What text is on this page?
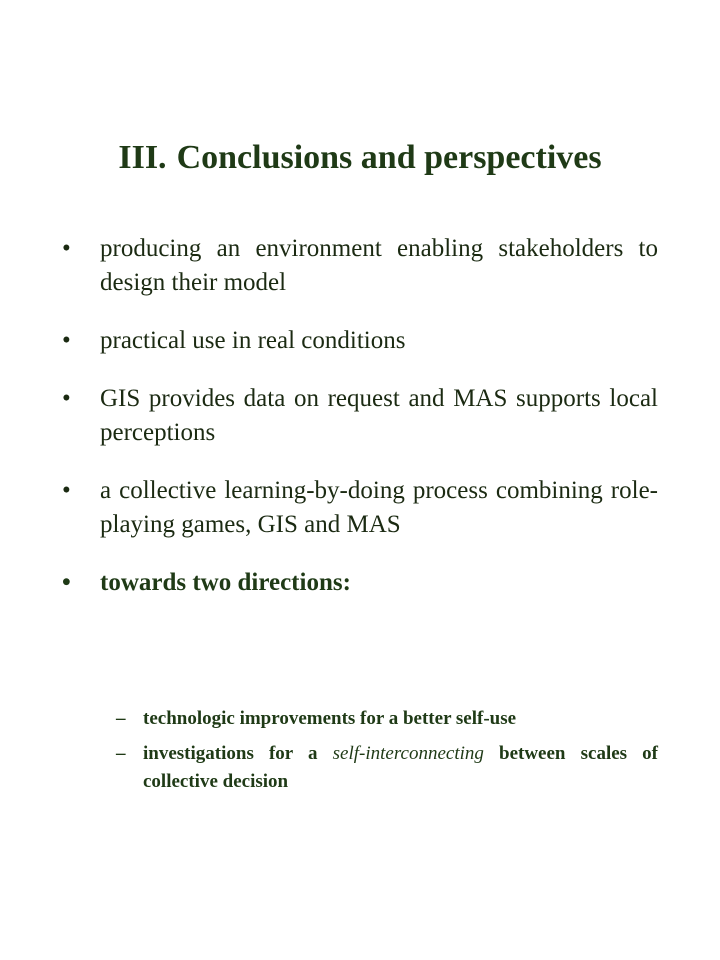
III. Conclusions and perspectives
•	producing an environment enabling stakeholders to design their model
•	practical use in real conditions
•	GIS provides data on request and MAS supports local perceptions
•	a collective learning-by-doing process combining role-playing games, GIS and MAS
•	towards two directions:
– technologic improvements for a better self-use
– investigations for a self-interconnecting between scales of collective decision
